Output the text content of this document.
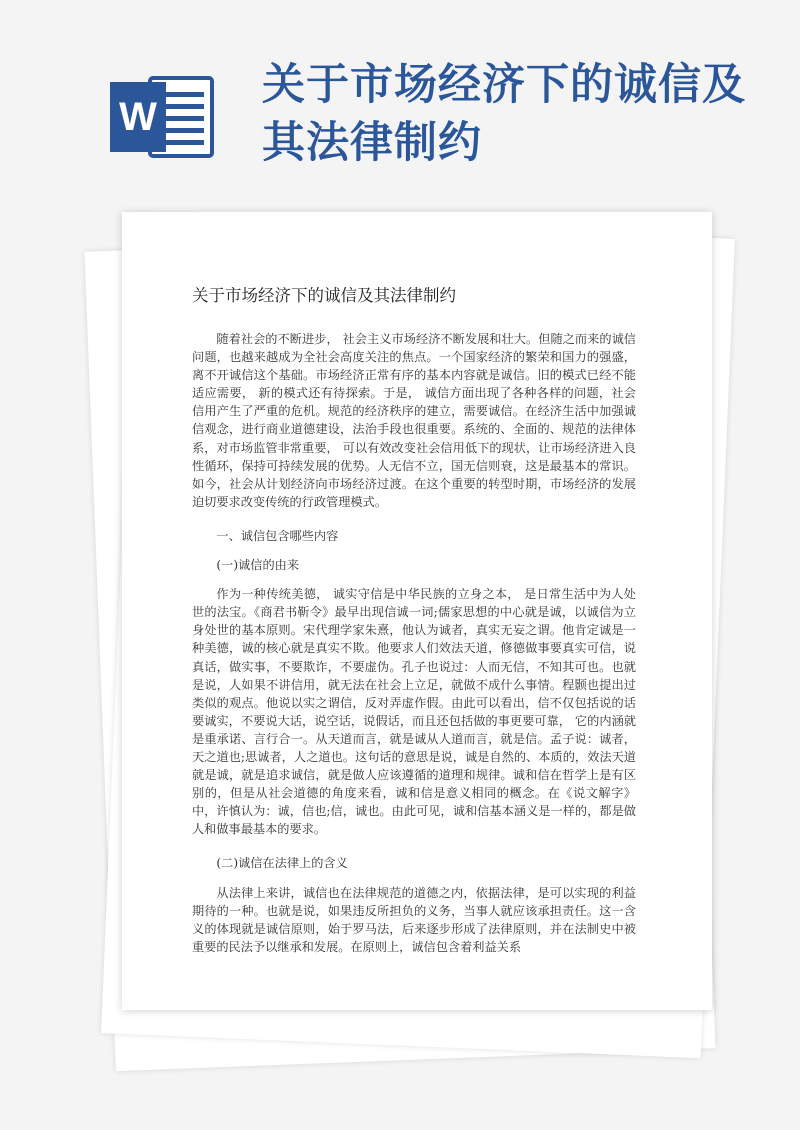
W
关于市场经济下的诚信及其法律制约
关于市场经济下的诚信及其法律制约

随着社会的不断进步， 社会主义市场经济不断发展和壮大。但随之而来的诚信问题，也越来越成为全社会高度关注的焦点。一个国家经济的繁荣和国力的强盛， 离不开诚信这个基础。市场经济正常有序的基本内容就是诚信。旧的模式已经不能适应需要， 新的模式还有待探索。于是， 诚信方面出现了各种各样的问题，社会信用产生了严重的危机。规范的经济秩序的建立，需要诚信。在经济生活中加强诚信观念，进行商业道德建设，法治手段也很重要。系统的、全面的、规范的法律体系，对市场监管非常重要， 可以有效改变社会信用低下的现状，让市场经济进入良性循环，保持可持续发展的优势。人无信不立，国无信则衰，这是最基本的常识。如今，社会从计划经济向市场经济过渡。在这个重要的转型时期，市场经济的发展迫切要求改变传统的行政管理模式。

一、诚信包含哪些内容

(一)诚信的由来

作为一种传统美德， 诚实守信是中华民族的立身之本， 是日常生活中为人处世的法宝。《商君书靳令》最早出现信诚一词;儒家思想的中心就是诚，以诚信为立身处世的基本原则。宋代理学家朱熹，他认为诚者，真实无妄之谓。他肯定诚是一种美德，诚的核心就是真实不欺。他要求人们效法天道，修德做事要真实可信，说真话，做实事，不要欺诈，不要虚伪。孔子也说过：人而无信，不知其可也。也就是说，人如果不讲信用，就无法在社会上立足，就做不成什么事情。程颢也提出过类似的观点。他说以实之谓信，反对弄虚作假。由此可以看出，信不仅包括说的话要诚实，不要说大话，说空话，说假话，而且还包括做的事更要可靠， 它的内涵就是重承诺、言行合一。从天道而言，就是诚从人道而言，就是信。孟子说：诚者，天之道也;思诚者，人之道也。这句话的意思是说，诚是自然的、本质的，效法天道就是诚，就是追求诚信，就是做人应该遵循的道理和规律。诚和信在哲学上是有区别的，但是从社会道德的角度来看，诚和信是意义相同的概念。在《说文解字》中，许慎认为：诚，信也;信，诚也。由此可见，诚和信基本涵义是一样的，都是做人和做事最基本的要求。

(二)诚信在法律上的含义

从法律上来讲，诚信也在法律规范的道德之内，依据法律，是可以实现的利益期待的一种。也就是说，如果违反所担负的义务，当事人就应该承担责任。这一含义的体现就是诚信原则，始于罗马法，后来逐步形成了法律原则，并在法制史中被重要的民法予以继承和发展。在原则上，诚信包含着利益关系
